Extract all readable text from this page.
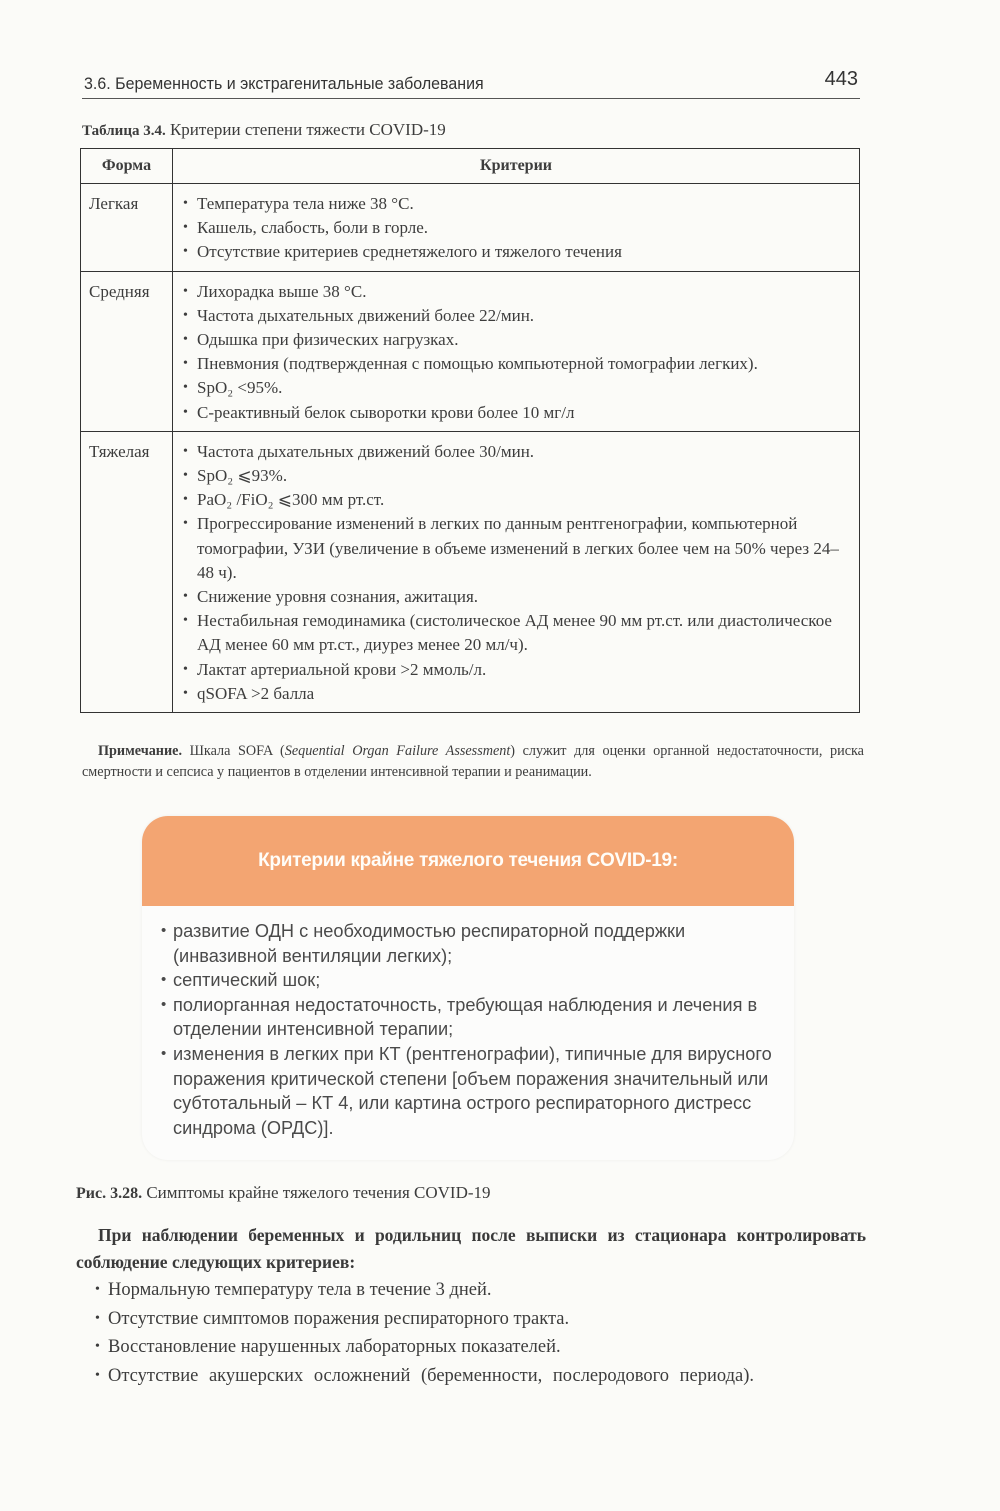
3.6. Беременность и экстрагенитальные заболевания	443
Таблица 3.4. Критерии степени тяжести COVID-19
Форма	Критерии
Легкая	
•Температура тела ниже 38 °С.
• Кашель, слабость, боли в горле.
• Отсутствие критериев среднетяжелого и тяжелого течения

Средняя	
•Лихорадка выше 38 °С.
• Частота дыхательных движений более 22/мин.
• Одышка при физических нагрузках.
• Пневмония (подтвержденная с помощью компьютерной томографии легких).
• SpO₂ <95%.
• С-реактивный белок сыворотки крови более 10 мг/л

Тяжелая	
•Частота дыхательных движений более 30/мин.
• SpO₂ ⩽93%.
• PaO₂ /FiO₂ ⩽300 мм рт.ст.
• Прогрессирование изменений в легких по данным рентгенографии, компьютерной томографии, УЗИ (увеличение в объеме изменений в легких более чем на 50% через 24–48 ч).
• Снижение уровня сознания, ажитация.
• Нестабильная гемодинамика (систолическое АД менее 90 мм рт.ст. или диастолическое АД менее 60 мм рт.ст., диурез менее 20 мл/ч).
• Лактат артериальной крови >2 ммоль/л.
• qSOFA >2 балла
Примечание. Шкала SOFA (Sequential Organ Failure Assessment) служит для оценки органной недостаточности, риска смертности и сепсиса у пациентов в отделении интенсивной терапии и реанимации.
Критерии крайне тяжелого течения COVID-19:
• развитие ОДН с необходимостью респираторной поддержки (инвазивной вентиляции легких);
• септический шок;
• полиорганная недостаточность, требующая наблюдения и лечения в отделении интенсивной терапии;
• изменения в легких при КТ (рентгенографии), типичные для вирусного поражения критической степени [объем поражения значительный или субтотальный – КТ 4, или картина острого респираторного дистресс синдрома (ОРДС)].
Рис. 3.28. Симптомы крайне тяжелого течения COVID-19
При наблюдении беременных и родильниц после выписки из стационара контролировать соблюдение следующих критериев:
• Нормальную температуру тела в течение 3 дней.
• Отсутствие симптомов поражения респираторного тракта.
• Восстановление нарушенных лабораторных показателей.
• Отсутствие акушерских осложнений (беременности, послеродового периода).
